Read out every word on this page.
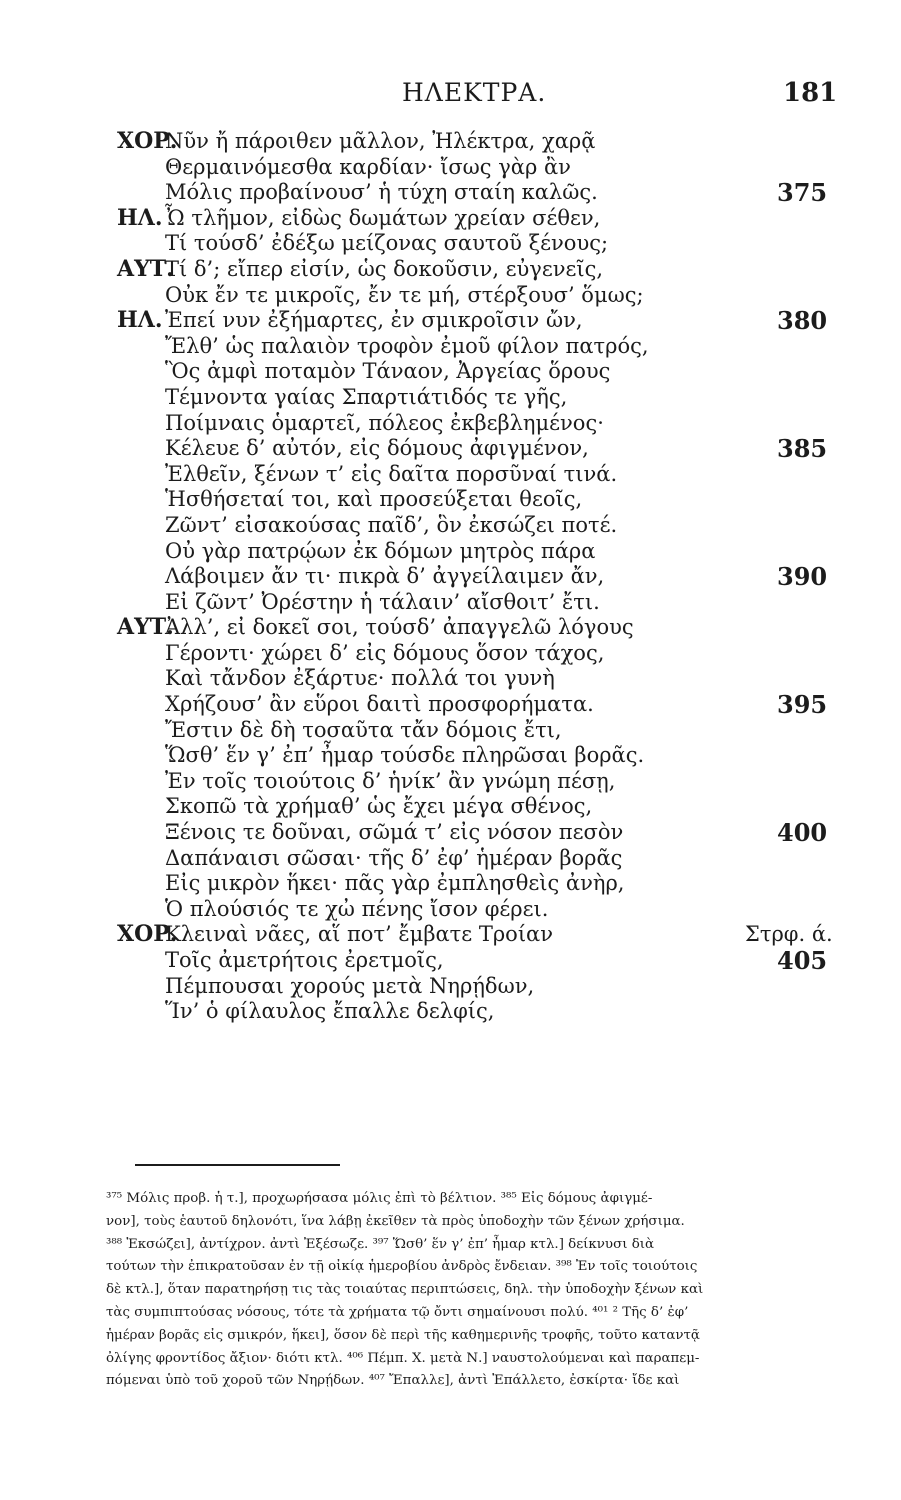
ΗΛΕΚΤΡΑ.	181
ΧΟΡ.
Νῦν ἤ πάροιθεν μᾶλλον, Ἠλέκτρα, χαρᾷ
Θερμαινόμεσθα καρδίαν· ἴσως γὰρ ἂν
Μόλις προβαίνουσ’ ἡ τύχη σταίη καλῶς.	375
ΗΛ. Ὦ τλῆμον, εἰδὼς δωμάτων χρείαν σέθεν,
Τί τούσδ’ ἐδέξω μείζονας σαυτοῦ ξένους;
ΑΥΤ.
Τί δ’; εἴπερ εἰσίν, ὡς δοκοῦσιν, εὐγενεῖς,
Οὐκ ἔν τε μικροῖς, ἔν τε μή, στέρξουσ’ ὅμως;
ΗΛ. Ἐπεί νυν ἐξήμαρτες, ἐν σμικροῖσιν ὤν,	380
Ἔλθ’ ὡς παλαιὸν τροφὸν ἐμοῦ φίλον πατρός,
Ὃς ἀμφὶ ποταμὸν Τάναον, Ἀργείας ὅρους
Τέμνοντα γαίας Σπαρτιάτιδός τε γῆς,
Ποίμναις ὁμαρτεῖ, πόλεος ἐκβεβλημένος·
Κέλευε δ’ αὐτόν, εἰς δόμους ἀφιγμένον,	385
Ἐλθεῖν, ξένων τ’ εἰς δαῖτα πορσῦναί τινά.
Ἡσθήσεταί τοι, καὶ προσεύξεται θεοῖς,
Ζῶντ’ εἰσακούσας παῖδ’, ὃν ἐκσώζει ποτέ.
Οὐ γὰρ πατρῴων ἐκ δόμων μητρὸς πάρα
Λάβοιμεν ἄν τι· πικρὰ δ’ ἀγγείλαιμεν ἄν,	390
Εἰ ζῶντ’ Ὀρέστην ἡ τάλαιν’ αἴσθοιτ’ ἔτι.
ΑΥΤ.
Ἀλλ’, εἰ δοκεῖ σοι, τούσδ’ ἀπαγγελῶ λόγους
Γέροντι· χώρει δ’ εἰς δόμους ὅσον τάχος,
Καὶ τἄνδον ἐξάρτυε· πολλά τοι γυνὴ
Χρήζουσ’ ἂν εὕροι δαιτὶ προσφορήματα.	395
Ἔστιν δὲ δὴ τοσαῦτα τἄν δόμοις ἔτι,
Ὥσθ’ ἕν γ’ ἐπ’ ἦμαρ τούσδε πληρῶσαι βορᾶς.
Ἐν τοῖς τοιούτοις δ’ ἡνίκ’ ἂν γνώμη πέσῃ,
Σκοπῶ τὰ χρήμαθ’ ὡς ἔχει μέγα σθένος,
Ξένοις τε δοῦναι, σῶμά τ’ εἰς νόσον πεσὸν	400
Δαπάναισι σῶσαι· τῆς δ’ ἐφ’ ἡμέραν βορᾶς
Εἰς μικρὸν ἥκει· πᾶς γὰρ ἐμπλησθεὶς ἀνὴρ,
Ὁ πλούσιός τε χὠ πένης ἴσον φέρει.
ΧΟΡ.
Κλειναὶ νᾶες, αἵ ποτ’ ἔμβατε Τροίαν	Στρφ. ά.
Τοῖς ἀμετρήτοις ἐρετμοῖς,	405
Πέμπουσαι χορούς μετὰ Νηρῄδων,
Ἵν’ ὁ φίλαυλος ἔπαλλε δελφίς,
³⁷⁵ Μόλις προβ. ἡ τ.], προχωρήσασα μόλις ἐπὶ τὸ βέλτιον. ³⁸⁵ Εἰς δόμους ἀφιγμέ-
νον], τοὺς ἑαυτοῦ δηλονότι, ἵνα λάβῃ ἐκεῖθεν τὰ πρὸς ὑποδοχὴν τῶν ξένων χρήσιμα.
³⁸⁸ Ἐκσώζει], ἀντίχρον. ἀντὶ Ἐξέσωζε. ³⁹⁷ Ὥσθ’ ἕν γ’ ἐπ’ ἦμαρ κτλ.] δείκνυσι διὰ
τούτων τὴν ἐπικρατοῦσαν ἐν τῇ οἰκίᾳ ἡμεροβίου ἀνδρὸς ἔνδειαν. ³⁹⁸ Ἐν τοῖς τοιούτοις
δὲ κτλ.], ὅταν παρατηρήσῃ τις τὰς τοιαύτας περιπτώσεις, δηλ. τὴν ὑποδοχὴν ξένων καὶ
τὰς συμπιπτούσας νόσους, τότε τὰ χρήματα τῷ ὄντι σημαίνουσι πολύ. ⁴⁰¹ ² Τῆς δ’ ἐφ’
ἡμέραν βορᾶς εἰς σμικρόν, ἥκει], ὅσον δὲ περὶ τῆς καθημερινῆς τροφῆς, τοῦτο καταντᾷ
ὀλίγης φροντίδος ἄξιον· διότι κτλ. ⁴⁰⁶ Πέμπ. Χ. μετὰ Ν.] ναυστολούμεναι καὶ παραπεμ-
πόμεναι ὑπὸ τοῦ χοροῦ τῶν Νηρῄδων. ⁴⁰⁷ Ἔπαλλε], ἀντὶ Ἐπάλλετο, ἐσκίρτα· ἴδε καὶ
